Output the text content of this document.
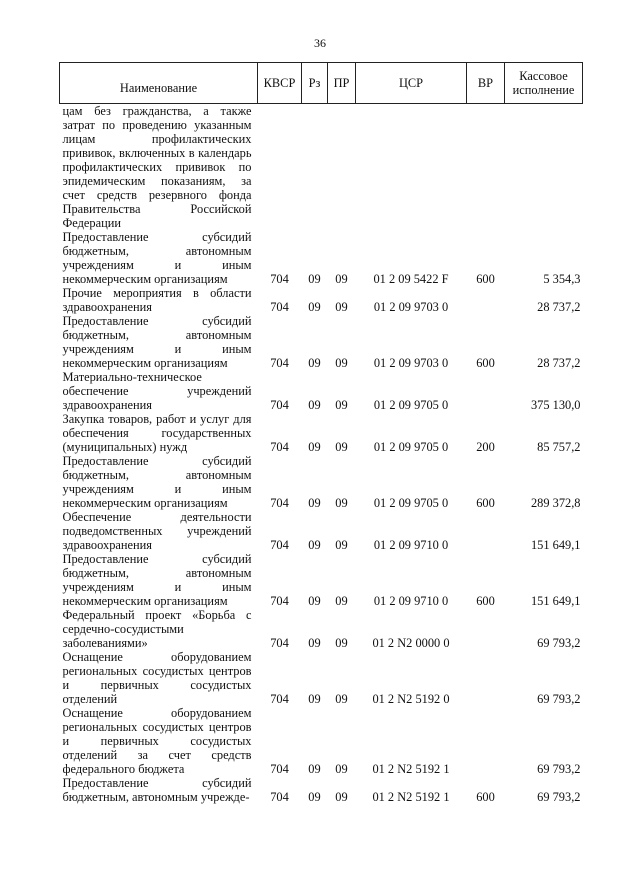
36
Наименование	КВСР	Рз	ПР	ЦСР	ВР	Кассовое
исполнение

цам без гражданства, а также затрат по проведению указанным лицам профилактических прививок, включенных в календарь профилактических прививок по эпидемическим показаниям, за счет средств резервного фонда Правительства Российской Федерации						
Предоставление субсидий бюджетным, автономным учреждениям и иным некоммерческим организациям	704	09	09	01 2 09 5422 F	600	5 354,3
Прочие мероприятия в области здравоохранения	704	09	09	01 2 09 9703 0		28 737,2
Предоставление субсидий бюджетным, автономным учреждениям и иным некоммерческим организациям	704	09	09	01 2 09 9703 0	600	28 737,2
Материально-техническое обеспечение учреждений здравоохранения	704	09	09	01 2 09 9705 0		375 130,0
Закупка товаров, работ и услуг для обеспечения государственных (муниципальных) нужд	704	09	09	01 2 09 9705 0	200	85 757,2
Предоставление субсидий бюджетным, автономным учреждениям и иным некоммерческим организациям	704	09	09	01 2 09 9705 0	600	289 372,8
Обеспечение деятельности подведомственных учреждений здравоохранения	704	09	09	01 2 09 9710 0		151 649,1
Предоставление субсидий бюджетным, автономным учреждениям и иным некоммерческим организациям	704	09	09	01 2 09 9710 0	600	151 649,1
Федеральный проект «Борьба с сердечно-сосудистыми заболеваниями»	704	09	09	01 2 N2 0000 0		69 793,2
Оснащение оборудованием региональных сосудистых центров и первичных сосудистых отделений	704	09	09	01 2 N2 5192 0		69 793,2
Оснащение оборудованием региональных сосудистых центров и первичных сосудистых отделений за счет средств федерального бюджета	704	09	09	01 2 N2 5192 1		69 793,2
Предоставление субсидий бюджетным, автономным учрежде-	704	09	09	01 2 N2 5192 1	600	69 793,2
